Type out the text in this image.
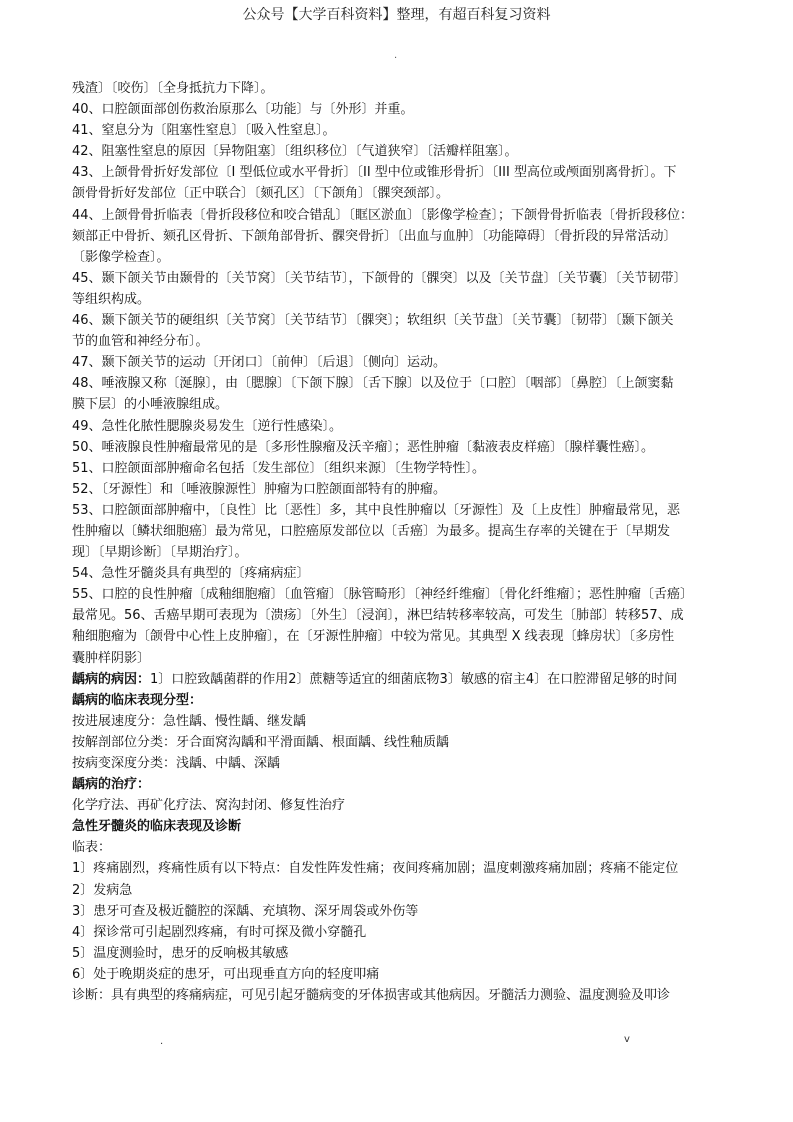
公众号【大学百科资料】整理，有超百科复习资料
.
残渣〕〔咬伤〕〔全身抵抗力下降〕。
40、口腔颌面部创伤救治原那么〔功能〕与〔外形〕并重。
41、窒息分为〔阻塞性窒息〕〔吸入性窒息〕。
42、阻塞性窒息的原因〔异物阻塞〕〔组织移位〕〔气道狭窄〕〔活瓣样阻塞〕。
43、上颌骨骨折好发部位〔I 型低位或水平骨折〕〔II 型中位或锥形骨折〕〔III 型高位或颅面别离骨折〕。下
颌骨骨折好发部位〔正中联合〕〔颏孔区〕〔下颌角〕〔髁突颈部〕。
44、上颌骨骨折临表〔骨折段移位和咬合错乱〕〔眶区淤血〕〔影像学检查〕；下颌骨骨折临表〔骨折段移位：
颏部正中骨折、颏孔区骨折、下颌角部骨折、髁突骨折〕〔出血与血肿〕〔功能障碍〕〔骨折段的异常活动〕
〔影像学检查〕。
45、颞下颌关节由颞骨的〔关节窝〕〔关节结节〕，下颌骨的〔髁突〕以及〔关节盘〕〔关节囊〕〔关节韧带〕
等组织构成。
46、颞下颌关节的硬组织〔关节窝〕〔关节结节〕〔髁突〕；软组织〔关节盘〕〔关节囊〕〔韧带〕〔颞下颌关
节的血管和神经分布〕。
47、颞下颌关节的运动〔开闭口〕〔前伸〕〔后退〕〔侧向〕运动。
48、唾液腺又称〔涎腺〕，由〔腮腺〕〔下颌下腺〕〔舌下腺〕以及位于〔口腔〕〔咽部〕〔鼻腔〕〔上颌窦黏
膜下层〕的小唾液腺组成。
49、急性化脓性腮腺炎易发生〔逆行性感染〕。
50、唾液腺良性肿瘤最常见的是〔多形性腺瘤及沃辛瘤〕；恶性肿瘤〔黏液表皮样癌〕〔腺样囊性癌〕。
51、口腔颌面部肿瘤命名包括〔发生部位〕〔组织来源〕〔生物学特性〕。
52、〔牙源性〕和〔唾液腺源性〕肿瘤为口腔颌面部特有的肿瘤。
53、口腔颌面部肿瘤中，〔良性〕比〔恶性〕多，其中良性肿瘤以〔牙源性〕及〔上皮性〕肿瘤最常见，恶
性肿瘤以〔鳞状细胞癌〕最为常见，口腔癌原发部位以〔舌癌〕为最多。提高生存率的关键在于〔早期发
现〕〔早期诊断〕〔早期治疗〕。
54、急性牙髓炎具有典型的〔疼痛病症〕
55、口腔的良性肿瘤〔成釉细胞瘤〕〔血管瘤〕〔脉管畸形〕〔神经纤维瘤〕〔骨化纤维瘤〕；恶性肿瘤〔舌癌〕
最常见。56、舌癌早期可表现为〔溃疡〕〔外生〕〔浸润〕，淋巴结转移率较高，可发生〔肺部〕转移57、成
釉细胞瘤为〔颌骨中心性上皮肿瘤〕，在〔牙源性肿瘤〕中较为常见。其典型 X 线表现〔蜂房状〕〔多房性
囊肿样阴影〕
龋病的病因：1〕口腔致龋菌群的作用2〕蔗糖等适宜的细菌底物3〕敏感的宿主4〕在口腔滞留足够的时间
龋病的临床表现分型：
按进展速度分：急性龋、慢性龋、继发龋
按解剖部位分类：牙合面窝沟龋和平滑面龋、根面龋、线性釉质龋
按病变深度分类：浅龋、中龋、深龋
龋病的治疗：
化学疗法、再矿化疗法、窝沟封闭、修复性治疗
急性牙髓炎的临床表现及诊断
临表：
1〕疼痛剧烈，疼痛性质有以下特点：自发性阵发性痛；夜间疼痛加剧；温度刺激疼痛加剧；疼痛不能定位
2〕发病急
3〕患牙可查及极近髓腔的深龋、充填物、深牙周袋或外伤等
4〕探诊常可引起剧烈疼痛，有时可探及微小穿髓孔
5〕温度测验时，患牙的反响极其敏感
6〕处于晚期炎症的患牙，可出现垂直方向的轻度叩痛
诊断：具有典型的疼痛病症，可见引起牙髓病变的牙体损害或其他病因。牙髓活力测验、温度测验及叩诊
.	v
